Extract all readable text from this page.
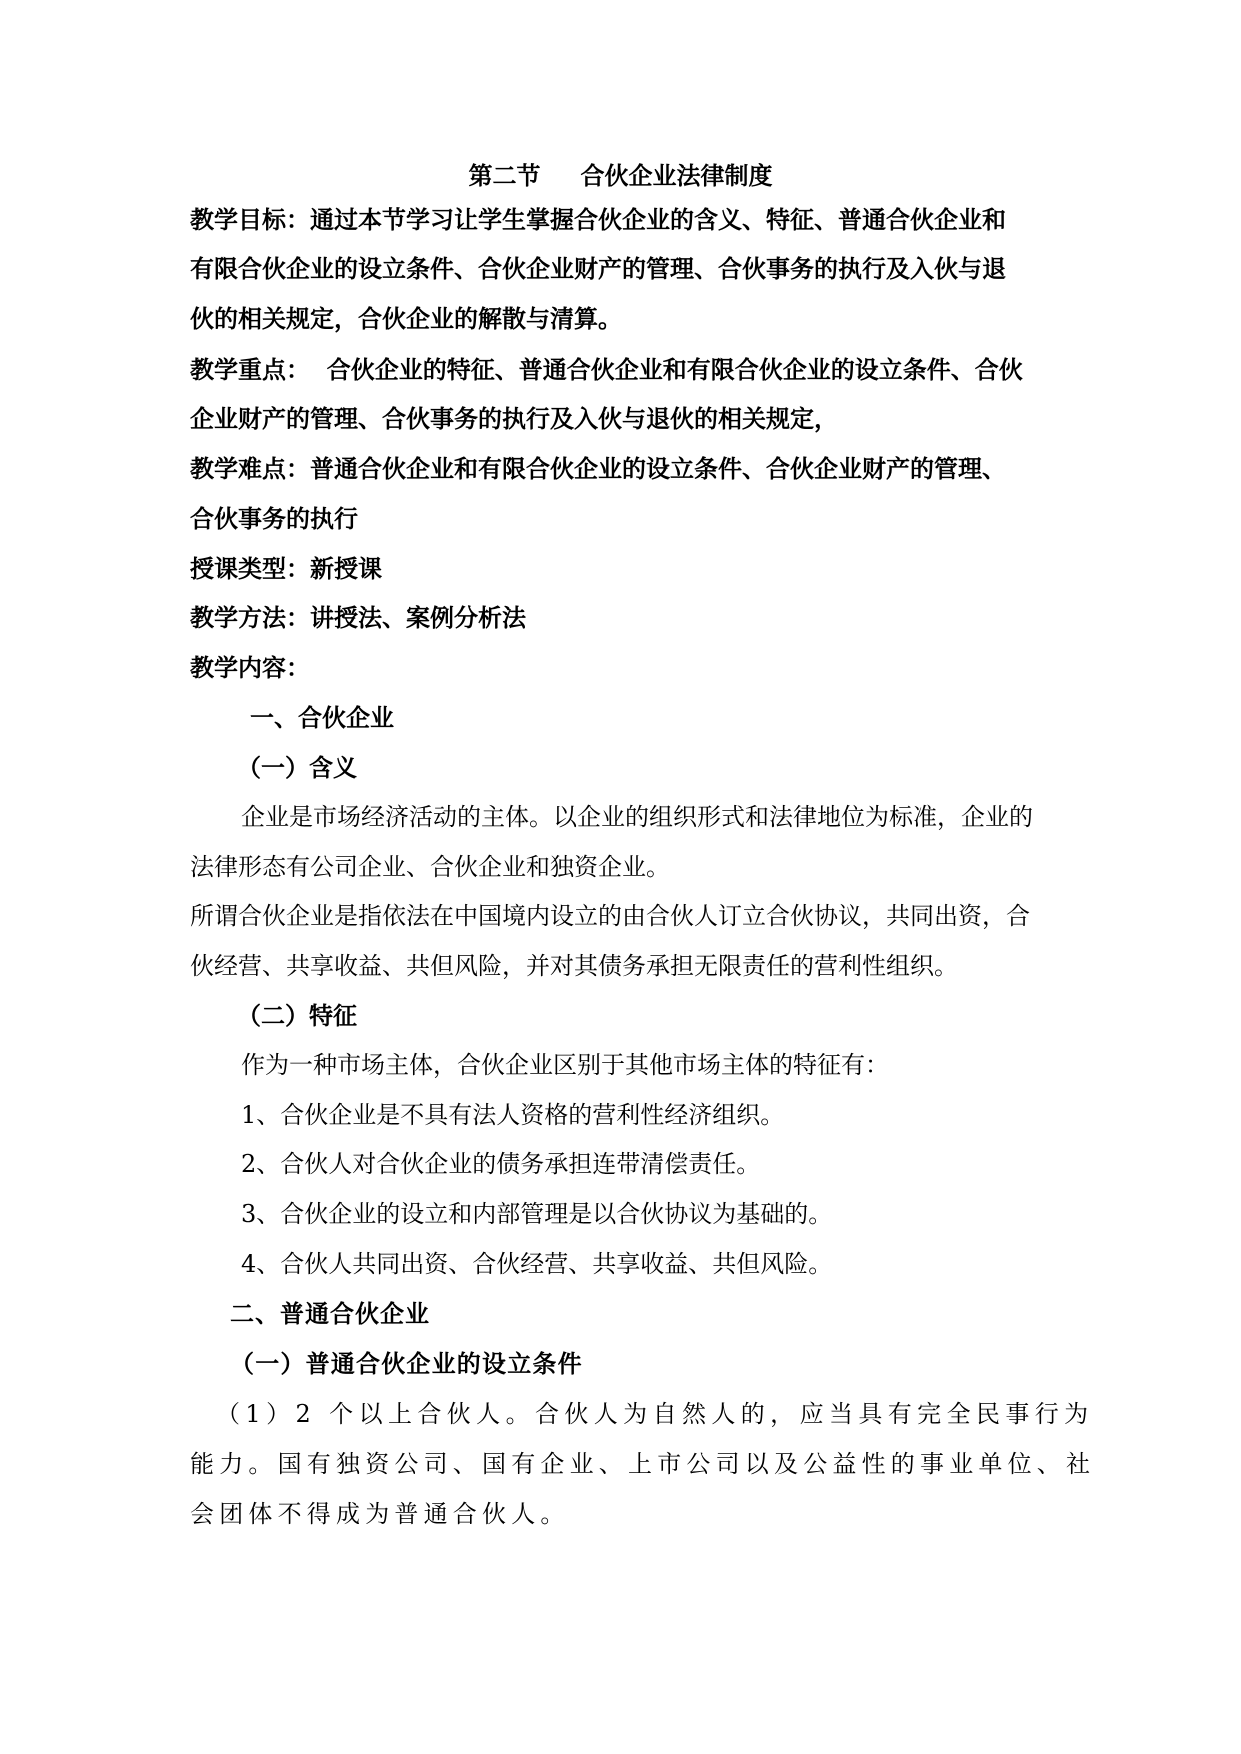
第二节 合伙企业法律制度
教学目标：通过本节学习让学生掌握合伙企业的含义、特征、普通合伙企业和
有限合伙企业的设立条件、合伙企业财产的管理、合伙事务的执行及入伙与退
伙的相关规定，合伙企业的解散与清算。
教学重点：  合伙企业的特征、普通合伙企业和有限合伙企业的设立条件、合伙
企业财产的管理、合伙事务的执行及入伙与退伙的相关规定，
教学难点：普通合伙企业和有限合伙企业的设立条件、合伙企业财产的管理、
合伙事务的执行
授课类型：新授课
教学方法：讲授法、案例分析法
教学内容：
一、合伙企业
（一）含义
企业是市场经济活动的主体。以企业的组织形式和法律地位为标准，企业的
法律形态有公司企业、合伙企业和独资企业。
所谓合伙企业是指依法在中国境内设立的由合伙人订立合伙协议，共同出资，合
伙经营、共享收益、共但风险，并对其债务承担无限责任的营利性组织。
（二）特征
作为一种市场主体，合伙企业区别于其他市场主体的特征有：
1、合伙企业是不具有法人资格的营利性经济组织。
2、合伙人对合伙企业的债务承担连带清偿责任。
3、合伙企业的设立和内部管理是以合伙协议为基础的。
4、合伙人共同出资、合伙经营、共享收益、共但风险。
二、普通合伙企业
（一）普通合伙企业的设立条件
（1）2 个以上合伙人。合伙人为自然人的，应当具有完全民事行为
能力。国有独资公司、国有企业、上市公司以及公益性的事业单位、社
会团体不得成为普通合伙人。
